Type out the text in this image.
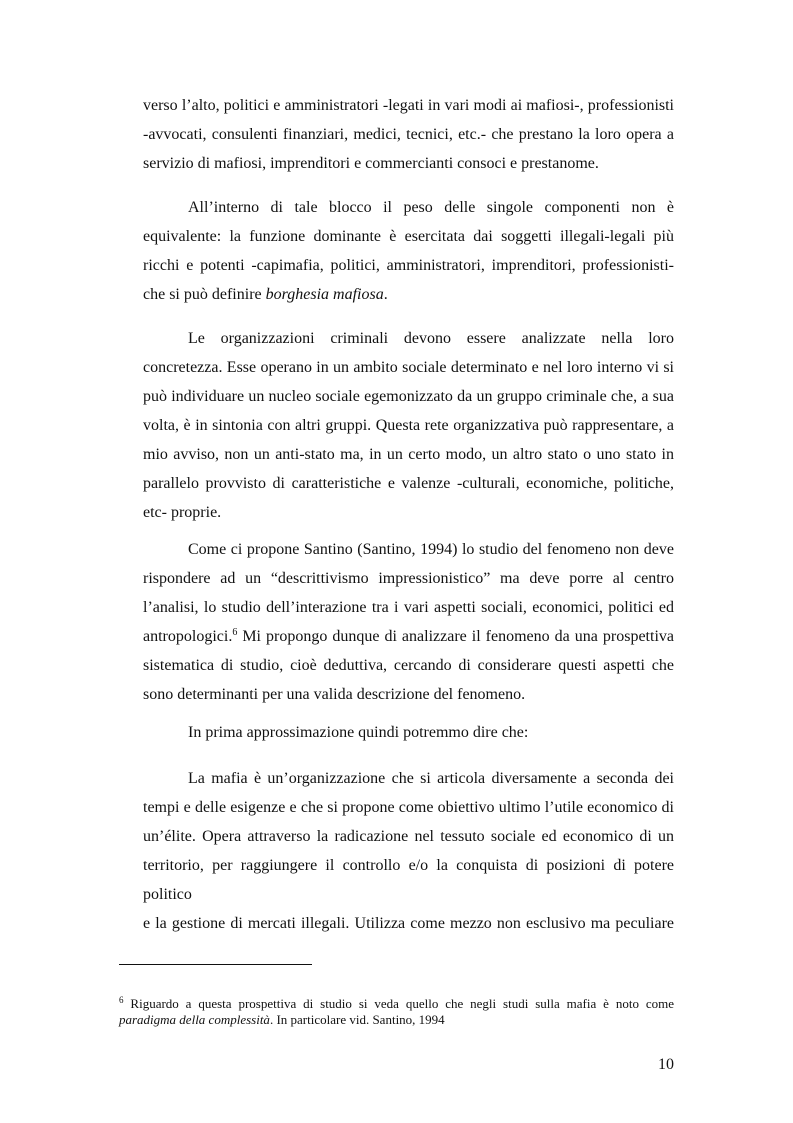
verso l’alto, politici e amministratori -legati in vari modi ai mafiosi-, professionisti
-avvocati, consulenti finanziari, medici, tecnici, etc.- che prestano la loro opera a
servizio di mafiosi, imprenditori e commercianti consoci e prestanome.

All’interno di tale blocco il peso delle singole componenti non è
equivalente: la funzione dominante è esercitata dai soggetti illegali-legali più
ricchi e potenti -capimafia, politici, amministratori, imprenditori, professionisti-
che si può definire borghesia mafiosa.

Le organizzazioni criminali devono essere analizzate nella loro
concretezza. Esse operano in un ambito sociale determinato e nel loro interno vi si
può individuare un nucleo sociale egemonizzato da un gruppo criminale che, a sua
volta, è in sintonia con altri gruppi. Questa rete organizzativa può rappresentare, a
mio avviso, non un anti-stato ma, in un certo modo, un altro stato o uno stato in
parallelo provvisto di caratteristiche e valenze -culturali, economiche, politiche,
etc- proprie.

Come ci propone Santino (Santino, 1994) lo studio del fenomeno non deve
rispondere ad un “descrittivismo impressionistico” ma deve porre al centro
l’analisi, lo studio dell’interazione tra i vari aspetti sociali, economici, politici ed
antropologici.$^6$ Mi propongo dunque di analizzare il fenomeno da una prospettiva
sistematica di studio, cioè deduttiva, cercando di considerare questi aspetti che
sono determinanti per una valida descrizione del fenomeno.

In prima approssimazione quindi potremmo dire che:

La mafia è un’organizzazione che si articola diversamente a seconda dei
tempi e delle esigenze e che si propone come obiettivo ultimo l’utile economico di
un’élite. Opera attraverso la radicazione nel tessuto sociale ed economico di un
territorio, per raggiungere il controllo e/o la conquista di posizioni di potere politico
e la gestione di mercati illegali. Utilizza come mezzo non esclusivo ma peculiare

$^6$ Riguardo a questa prospettiva di studio si veda quello che negli studi sulla mafia è noto come
paradigma della complessità. In particolare vid. Santino, 1994

10
